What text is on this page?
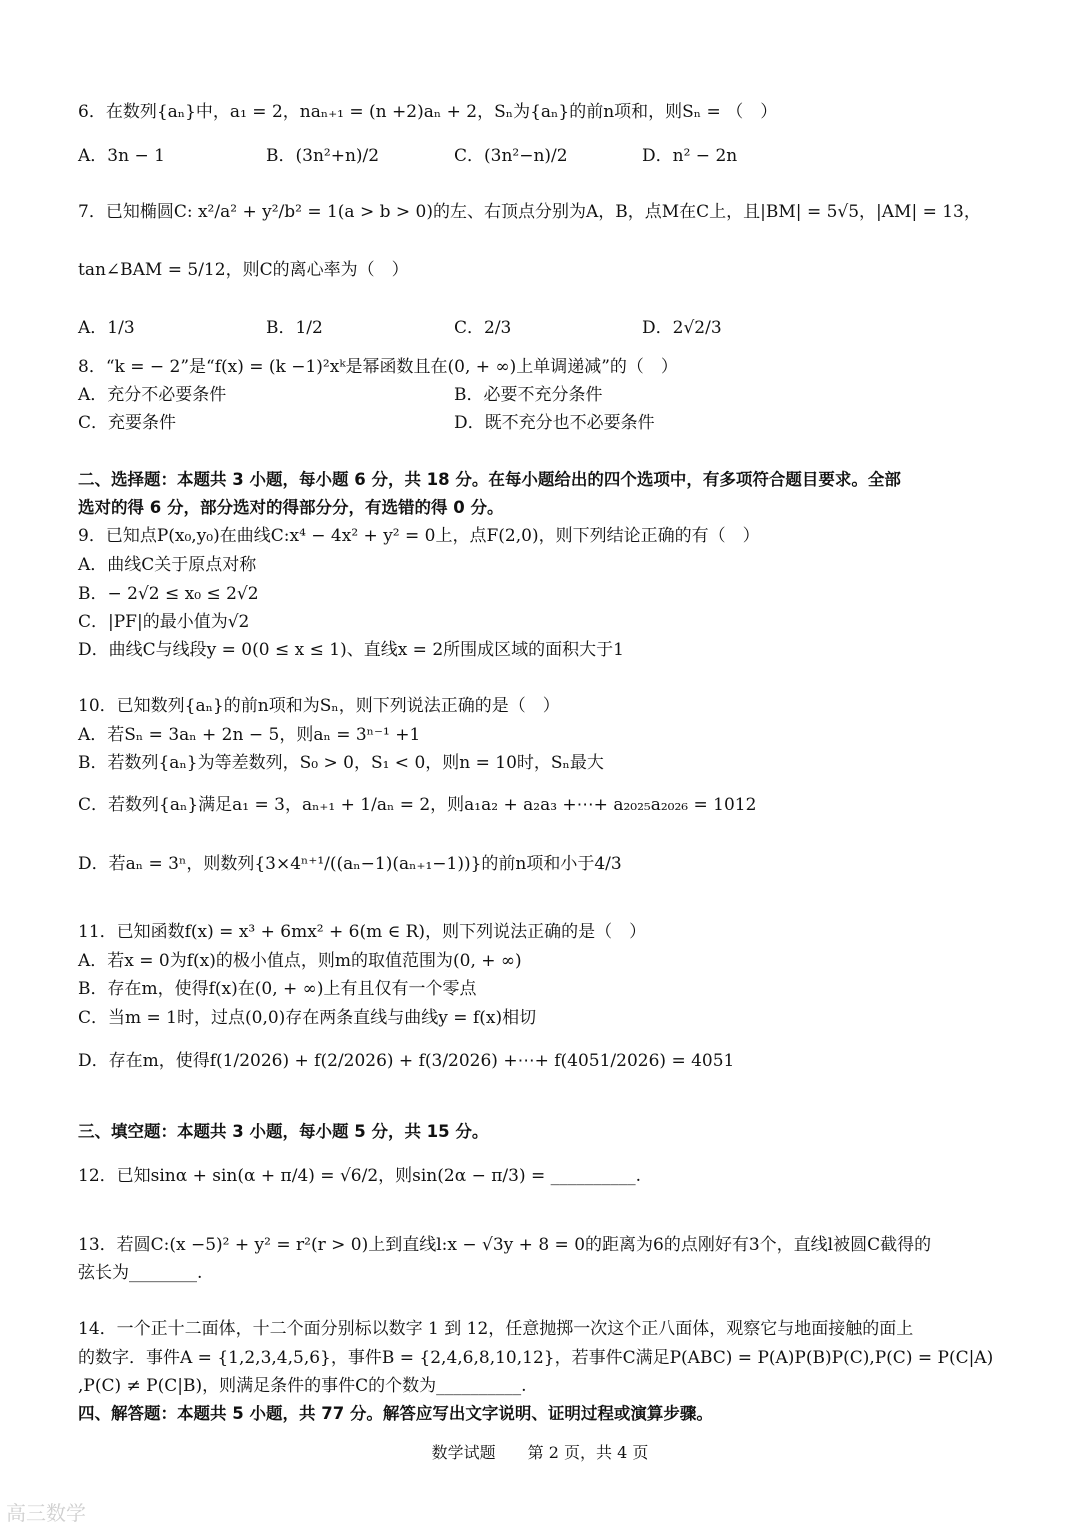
6．在数列{aₙ}中，a₁ = 2，naₙ₊₁ = (n +2)aₙ + 2，Sₙ为{aₙ}的前n项和，则Sₙ = （　）
A．3n − 1	B．(3n²+n)/2	C．(3n²−n)/2	D．n² − 2n
7．已知椭圆C: x²/a² + y²/b² = 1(a > b > 0)的左、右顶点分别为A，B，点M在C上，且|BM| = 5√5，|AM| = 13，
tan∠BAM = 5/12，则C的离心率为（　）
A．1/3	B．1/2	C．2/3	D．2√2/3
8．“k = − 2”是“f(x) = (k −1)²xᵏ是幂函数且在(0, + ∞)上单调递减”的（　）
A．充分不必要条件	B．必要不充分条件
C．充要条件	D．既不充分也不必要条件
二、选择题：本题共 3 小题，每小题 6 分，共 18 分。在每小题给出的四个选项中，有多项符合题目要求。全部
选对的得 6 分，部分选对的得部分分，有选错的得 0 分。
9．已知点P(x₀,y₀)在曲线C:x⁴ − 4x² + y² = 0上，点F(2,0)，则下列结论正确的有（　）
A．曲线C关于原点对称
B．− 2√2 ≤ x₀ ≤ 2√2
C．|PF|的最小值为√2
D．曲线C与线段y = 0(0 ≤ x ≤ 1)、直线x = 2所围成区域的面积大于1
10．已知数列{aₙ}的前n项和为Sₙ，则下列说法正确的是（　）
A．若Sₙ = 3aₙ + 2n − 5，则aₙ = 3ⁿ⁻¹ +1
B．若数列{aₙ}为等差数列，S₀ > 0，S₁ < 0，则n = 10时，Sₙ最大
C．若数列{aₙ}满足a₁ = 3，aₙ₊₁ + 1/aₙ = 2，则a₁a₂ + a₂a₃ +⋯+ a₂₀₂₅a₂₀₂₆ = 1012
D．若aₙ = 3ⁿ，则数列{3×4ⁿ⁺¹/((aₙ−1)(aₙ₊₁−1))}的前n项和小于4/3
11．已知函数f(x) = x³ + 6mx² + 6(m ∈ R)，则下列说法正确的是（　）
A．若x = 0为f(x)的极小值点，则m的取值范围为(0, + ∞)
B．存在m，使得f(x)在(0, + ∞)上有且仅有一个零点
C．当m = 1时，过点(0,0)存在两条直线与曲线y = f(x)相切
D．存在m，使得f(1/2026) + f(2/2026) + f(3/2026) +⋯+ f(4051/2026) = 4051
三、填空题：本题共 3 小题，每小题 5 分，共 15 分。
12．已知sinα + sin(α + π/4) = √6/2，则sin(2α − π/3) = __________.
13．若圆C:(x −5)² + y² = r²(r > 0)上到直线l:x − √3y + 8 = 0的距离为6的点刚好有3个，直线l被圆C截得的
弦长为________.
14．一个正十二面体，十二个面分别标以数字 1 到 12，任意抛掷一次这个正八面体，观察它与地面接触的面上
的数字．事件A = {1,2,3,4,5,6}，事件B = {2,4,6,8,10,12}，若事件C满足P(ABC) = P(A)P(B)P(C),P(C) = P(C|A)
,P(C) ≠ P(C|B)，则满足条件的事件C的个数为__________.
四、解答题：本题共 5 小题，共 77 分。解答应写出文字说明、证明过程或演算步骤。
数学试题　　第 2 页，共 4 页
高三数学
